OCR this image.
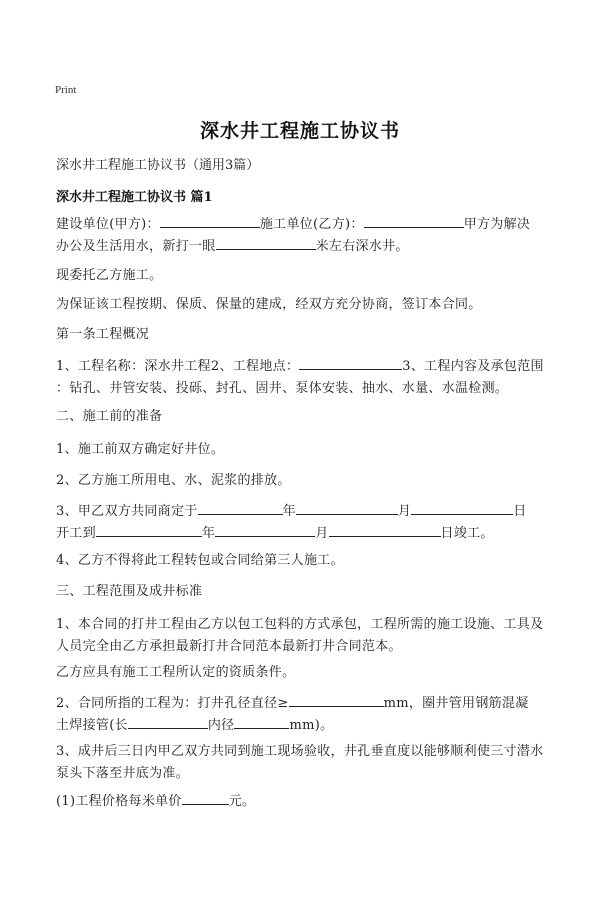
Print
深水井工程施工协议书
深水井工程施工协议书（通用3篇）
深水井工程施工协议书 篇1
建设单位(甲方)：	施工单位(乙方)：	甲方为解决
办公及生活用水，新打一眼	米左右深水井。
现委托乙方施工。
为保证该工程按期、保质、保量的建成，经双方充分协商，签订本合同。
第一条工程概况
1、工程名称：深水井工程2、工程地点：	3、工程内容及承包范围
：钻孔、井管安装、投砾、封孔、固井、泵体安装、抽水、水量、水温检测。
二、施工前的准备
1、施工前双方确定好井位。
2、乙方施工所用电、水、泥浆的排放。
3、甲乙双方共同商定于	年	月	日
开工到	年	月	日竣工。
4、乙方不得将此工程转包或合同给第三人施工。
三、工程范围及成井标准
1、本合同的打井工程由乙方以包工包料的方式承包，工程所需的施工设施、工具及人员完全由乙方承担最新打井合同范本最新打井合同范本。
乙方应具有施工工程所认定的资质条件。
2、合同所指的工程为：打井孔径直径≥	mm，圈井管用钢筋混凝
土焊接管(长	内径	mm)。
3、成井后三日内甲乙双方共同到施工现场验收，井孔垂直度以能够顺利使三寸潜水泵头下落至井底为准。
(1)工程价格每米单价	元。
